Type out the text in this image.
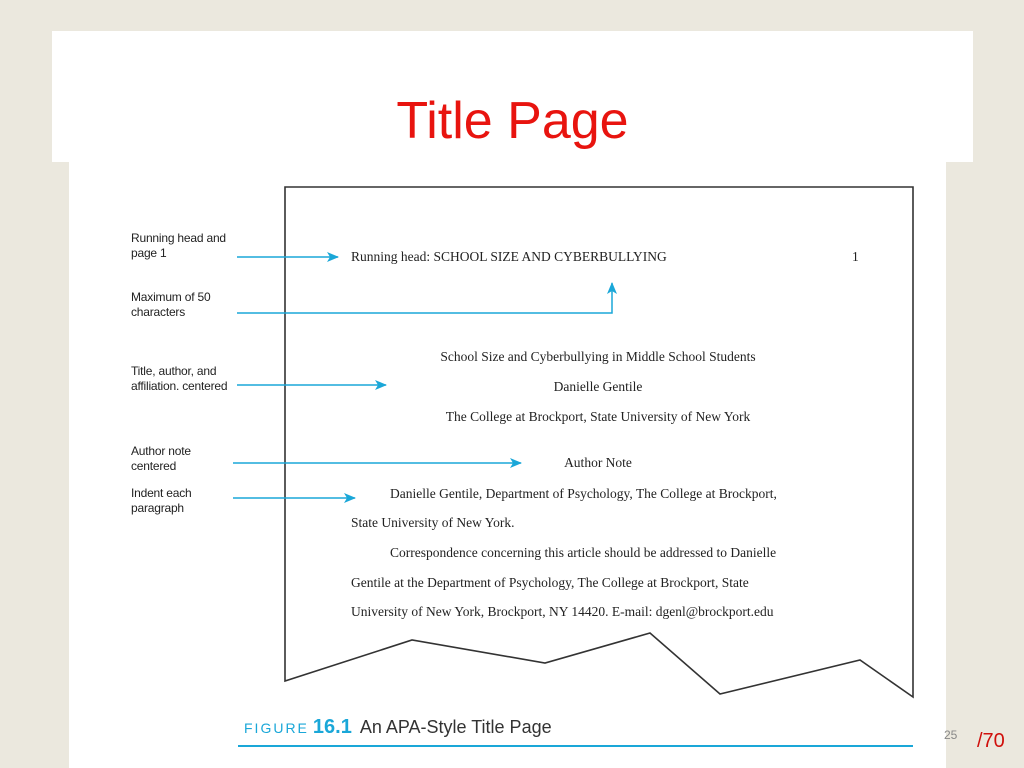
Title Page
Running head and page 1
Maximum of 50 characters
Title, author, and affiliation. centered
Author note centered
Indent each paragraph
Running head: SCHOOL SIZE AND CYBERBULLYING	1
School Size and Cyberbullying in Middle School Students
Danielle Gentile
The College at Brockport, State University of New York
Author Note
Danielle Gentile, Department of Psychology, The College at Brockport,
State University of New York.
Correspondence concerning this article should be addressed to Danielle
Gentile at the Department of Psychology, The College at Brockport, State
University of New York, Brockport, NY 14420. E-mail: dgenl@brockport.edu
FIGURE 16.1 An APA-Style Title Page	25 /70
